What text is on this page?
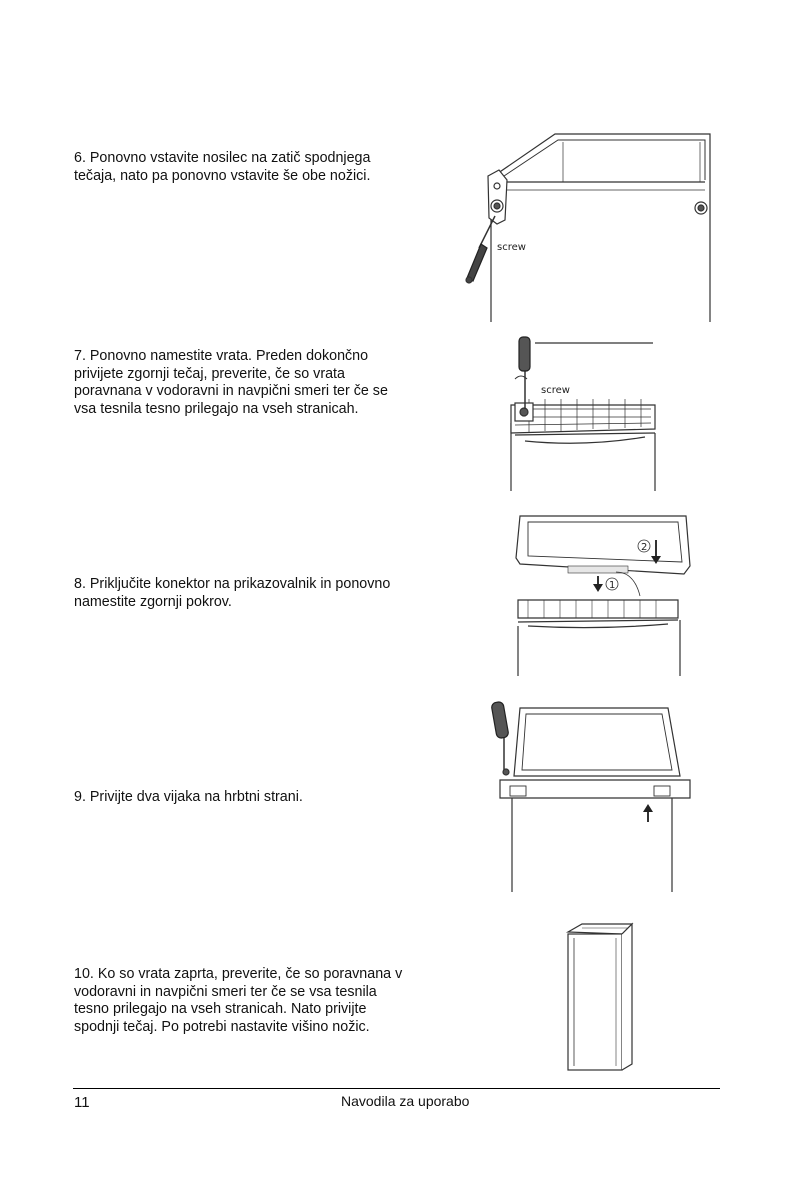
6. Ponovno vstavite nosilec na zatič spodnjega tečaja, nato pa ponovno vstavite še obe nožici.
7. Ponovno namestite vrata. Preden dokončno privijete zgornji tečaj, preverite, če so vrata poravnana v vodoravni in navpični smeri ter če se vsa tesnila tesno prilegajo na vseh stranicah.
8. Priključite konektor na prikazovalnik in ponovno namestite zgornji pokrov.
9. Privijte dva vijaka na hrbtni strani.
10. Ko so vrata zaprta, preverite, če so poravnana v vodoravni in navpični smeri ter če se vsa tesnila tesno prilegajo na vseh stranicah. Nato privijte spodnji tečaj. Po potrebi nastavite višino nožic.
screw
screw
2
1
11	Navodila za uporabo
